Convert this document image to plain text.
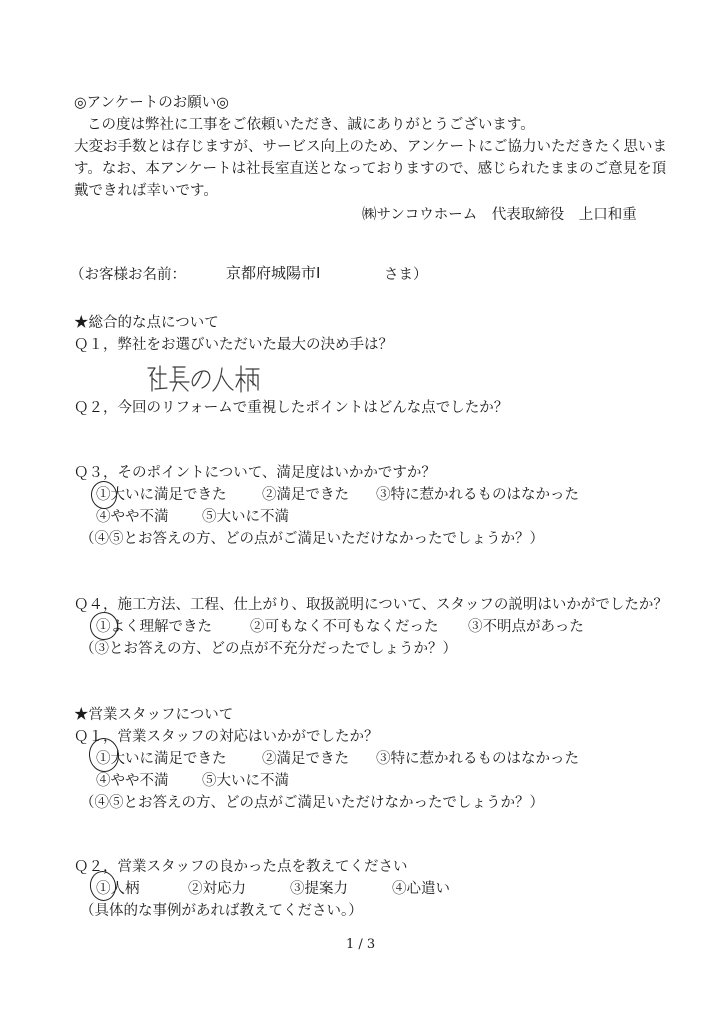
◎アンケートのお願い◎
この度は弊社に工事をご依頼いただき、誠にありがとうございます。
大変お手数とは存じますが、サービス向上のため、アンケートにご協力いただきたく思いま
す。なお、本アンケートは社長室直送となっておりますので、感じられたままのご意見を頂
戴できれば幸いです。
㈱サンコウホーム　代表取締役　上口和重
（お客様お名前：	京都府城陽市I	さま）
★総合的な点について
Ｑ１，弊社をお選びいただいた最大の決め手は？
Ｑ２，今回のリフォームで重視したポイントはどんな点でしたか？
Ｑ３，そのポイントについて、満足度はいかかですか？
①大いに満足できた ②満足できた ③特に惹かれるものはなかった
④やや不満 ⑤大いに不満
（④⑤とお答えの方、どの点がご満足いただけなかったでしょうか？）
Ｑ４，施工方法、工程、仕上がり、取扱説明について、スタッフの説明はいかがでしたか？
①よく理解できた	②可もなく不可もなくだった ③不明点があった
（③とお答えの方、どの点が不充分だったでしょうか？）
★営業スタッフについて
Ｑ１，営業スタッフの対応はいかがでしたか？
①大いに満足できた ②満足できた ③特に惹かれるものはなかった
④やや不満 ⑤大いに不満
（④⑤とお答えの方、どの点がご満足いただけなかったでしょうか？）
Ｑ２，営業スタッフの良かった点を教えてください
①人柄	②対応力	③提案力	④心遣い
（具体的な事例があれば教えてください。）
1 / 3
